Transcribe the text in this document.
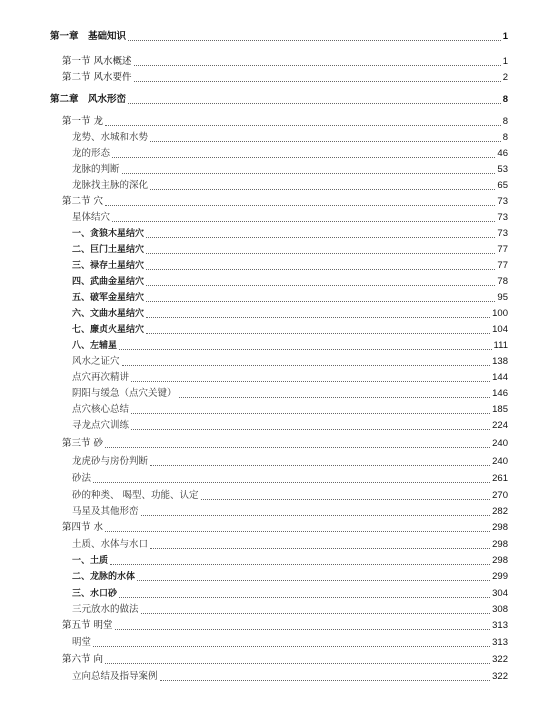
第一章　基础知识	1
第一节 风水概述	1
第二节 风水要件	2
第二章　风水形峦	8
第一节 龙	8
龙势、水城和水势	8
龙的形态	46
龙脉的判断	53
龙脉找主脉的深化	65
第二节 穴	73
星体结穴	73
一、贪狼木星结穴	73
二、巨门土星结穴	77
三、禄存土星结穴	77
四、武曲金星结穴	78
五、破军金星结穴	95
六、文曲水星结穴	100
七、廉贞火星结穴	104
八、左辅星	111
风水之证穴	138
点穴再次精讲	144
阴阳与缓急（点穴关键）	146
点穴核心总结	185
寻龙点穴训练	224
第三节 砂	240
龙虎砂与房份判断	240
砂法	261
砂的种类、 喝型、功能、认定	270
马星及其他形峦	282
第四节 水	298
土质、水体与水口	298
一、土质	298
二、龙脉的水体	299
三、水口砂	304
三元放水的做法	308
第五节 明堂	313
明堂	313
第六节 向	322
立向总结及指导案例	322
